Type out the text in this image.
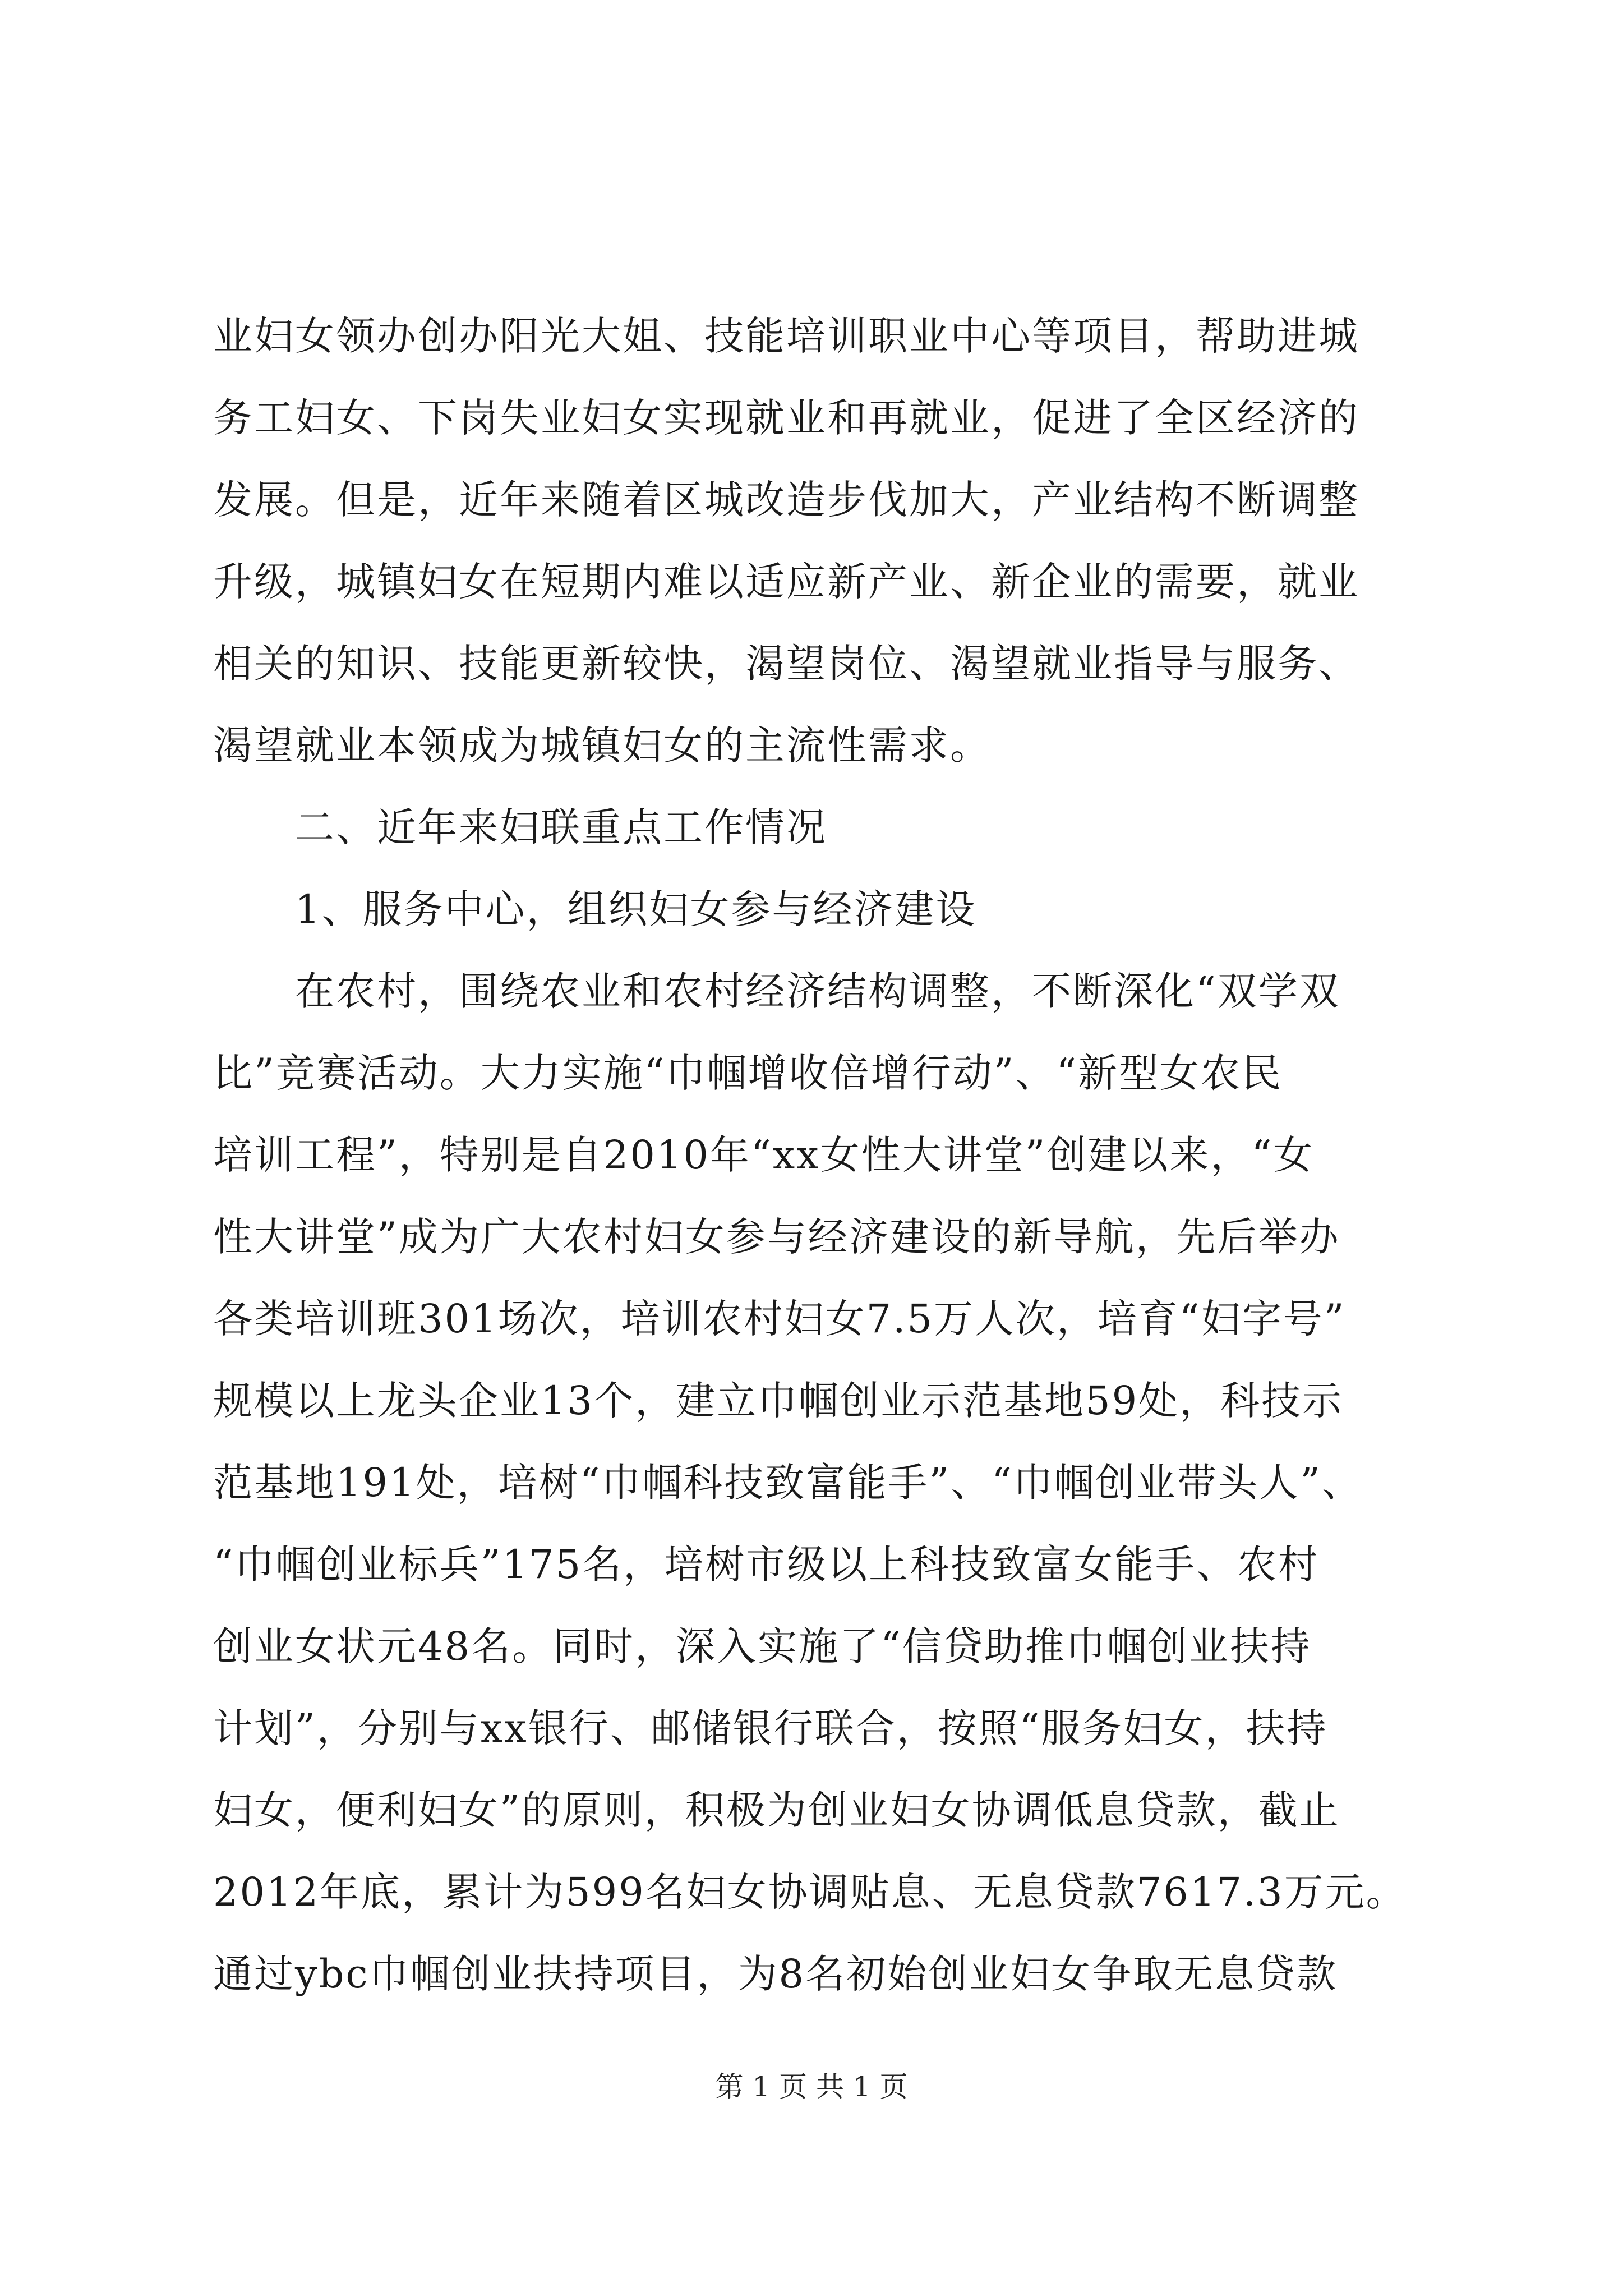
业妇女领办创办阳光大姐、技能培训职业中心等项目，帮助进城
务工妇女、下岗失业妇女实现就业和再就业，促进了全区经济的
发展。但是，近年来随着区城改造步伐加大，产业结构不断调整
升级，城镇妇女在短期内难以适应新产业、新企业的需要，就业
相关的知识、技能更新较快，渴望岗位、渴望就业指导与服务、
渴望就业本领成为城镇妇女的主流性需求。
　　二、近年来妇联重点工作情况
　　1、服务中心，组织妇女参与经济建设
　　在农村，围绕农业和农村经济结构调整，不断深化“双学双
比”竞赛活动。大力实施“巾帼增收倍增行动”、“新型女农民
培训工程”，特别是自2010年“xx女性大讲堂”创建以来，“女
性大讲堂”成为广大农村妇女参与经济建设的新导航，先后举办
各类培训班301场次，培训农村妇女7.5万人次，培育“妇字号”
规模以上龙头企业13个，建立巾帼创业示范基地59处，科技示
范基地191处，培树“巾帼科技致富能手”、“巾帼创业带头人”、
“巾帼创业标兵”175名，培树市级以上科技致富女能手、农村
创业女状元48名。同时，深入实施了“信贷助推巾帼创业扶持
计划”，分别与xx银行、邮储银行联合，按照“服务妇女，扶持
妇女，便利妇女”的原则，积极为创业妇女协调低息贷款，截止
2012年底，累计为599名妇女协调贴息、无息贷款7617.3万元。
通过ybc巾帼创业扶持项目，为8名初始创业妇女争取无息贷款
第 1 页 共 1 页
